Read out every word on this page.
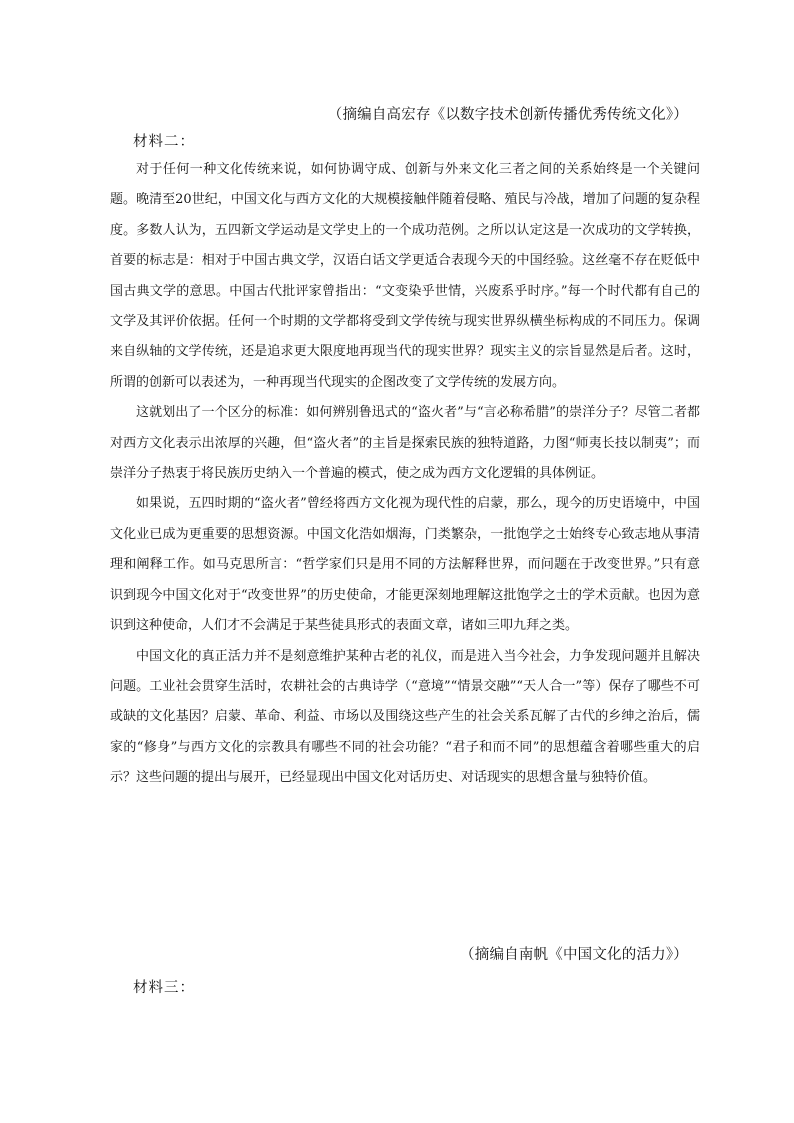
（摘编自高宏存《以数字技术创新传播优秀传统文化》）
材料二：

对于任何一种文化传统来说，如何协调守成、创新与外来文化三者之间的关系始终是一个关键问题。晚清至20世纪，中国文化与西方文化的大规模接触伴随着侵略、殖民与冷战，增加了问题的复杂程度。多数人认为，五四新文学运动是文学史上的一个成功范例。之所以认定这是一次成功的文学转换，首要的标志是：相对于中国古典文学，汉语白话文学更适合表现今天的中国经验。这丝毫不存在贬低中国古典文学的意思。中国古代批评家曾指出：“文变染乎世情，兴废系乎时序。”每一个时代都有自己的文学及其评价依据。任何一个时期的文学都将受到文学传统与现实世界纵横坐标构成的不同压力。保调来自纵轴的文学传统，还是追求更大限度地再现当代的现实世界？现实主义的宗旨显然是后者。这时，所谓的创新可以表述为，一种再现当代现实的企图改变了文学传统的发展方向。

这就划出了一个区分的标准：如何辨别鲁迅式的“盗火者”与“言必称希腊”的崇洋分子？尽管二者都对西方文化表示出浓厚的兴趣，但“盗火者”的主旨是探索民族的独特道路，力图“师夷长技以制夷”；而崇洋分子热衷于将民族历史纳入一个普遍的模式，使之成为西方文化逻辑的具体例证。

如果说，五四时期的“盗火者”曾经将西方文化视为现代性的启蒙，那么，现今的历史语境中，中国文化业已成为更重要的思想资源。中国文化浩如烟海，门类繁杂，一批饱学之士始终专心致志地从事清理和阐释工作。如马克思所言：“哲学家们只是用不同的方法解释世界，而问题在于改变世界。”只有意识到现今中国文化对于“改变世界”的历史使命，才能更深刻地理解这批饱学之士的学术贡献。也因为意识到这种使命，人们才不会满足于某些徒具形式的表面文章，诸如三叩九拜之类。

中国文化的真正活力并不是刻意维护某种古老的礼仪，而是进入当今社会，力争发现问题并且解决问题。工业社会贯穿生活时，农耕社会的古典诗学（“意境”“情景交融”“天人合一”等）保存了哪些不可或缺的文化基因？启蒙、革命、利益、市场以及围绕这些产生的社会关系瓦解了古代的乡绅之治后，儒家的“修身”与西方文化的宗教具有哪些不同的社会功能？“君子和而不同”的思想蕴含着哪些重大的启示？这些问题的提出与展开，已经显现出中国文化对话历史、对话现实的思想含量与独特价值。

（摘编自南帆《中国文化的活力》）
材料三：
